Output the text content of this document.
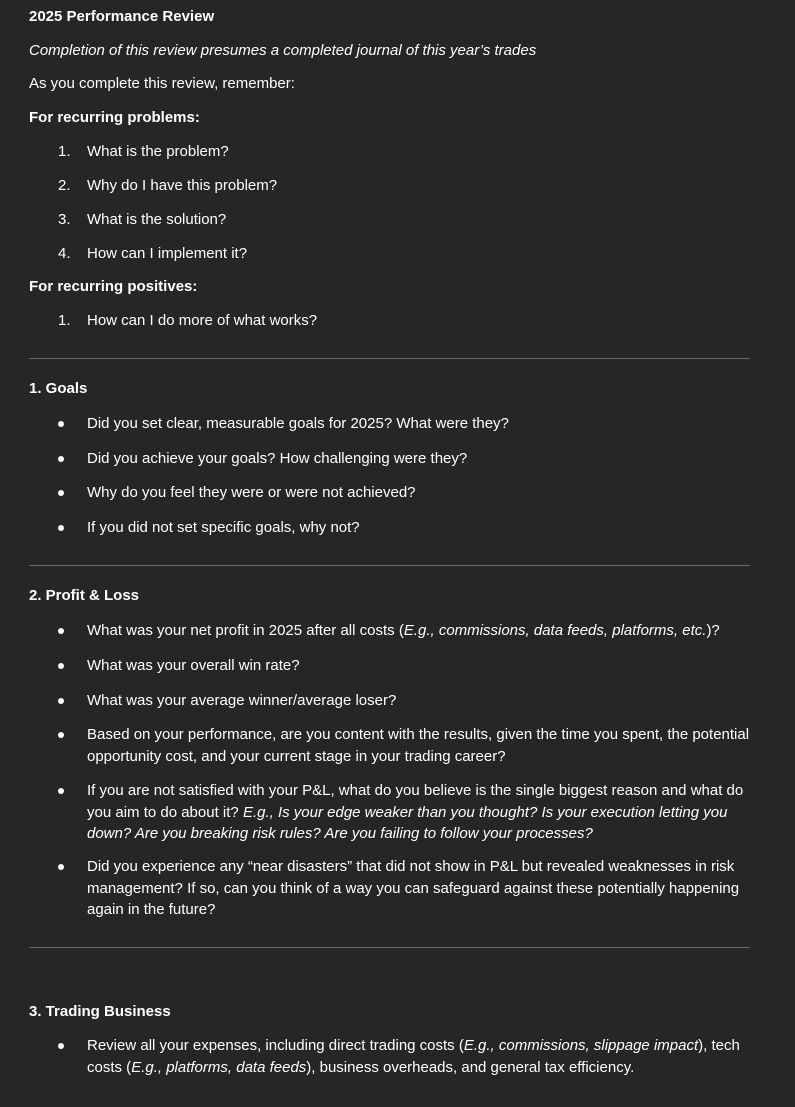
2025 Performance Review
Completion of this review presumes a completed journal of this year’s trades
As you complete this review, remember:
For recurring problems:
1. What is the problem?
2. Why do I have this problem?
3. What is the solution?
4. How can I implement it?
For recurring positives:
1. How can I do more of what works?
1. Goals
Did you set clear, measurable goals for 2025? What were they?
Did you achieve your goals? How challenging were they?
Why do you feel they were or were not achieved?
If you did not set specific goals, why not?
2. Profit & Loss
What was your net profit in 2025 after all costs (E.g., commissions, data feeds, platforms, etc.)?
What was your overall win rate?
What was your average winner/average loser?
Based on your performance, are you content with the results, given the time you spent, the potential opportunity cost, and your current stage in your trading career?
If you are not satisfied with your P&L, what do you believe is the single biggest reason and what do you aim to do about it? E.g., Is your edge weaker than you thought? Is your execution letting you down? Are you breaking risk rules? Are you failing to follow your processes?
Did you experience any “near disasters” that did not show in P&L but revealed weaknesses in risk management? If so, can you think of a way you can safeguard against these potentially happening again in the future?
3. Trading Business
Review all your expenses, including direct trading costs (E.g., commissions, slippage impact), tech costs (E.g., platforms, data feeds), business overheads, and general tax efficiency.
